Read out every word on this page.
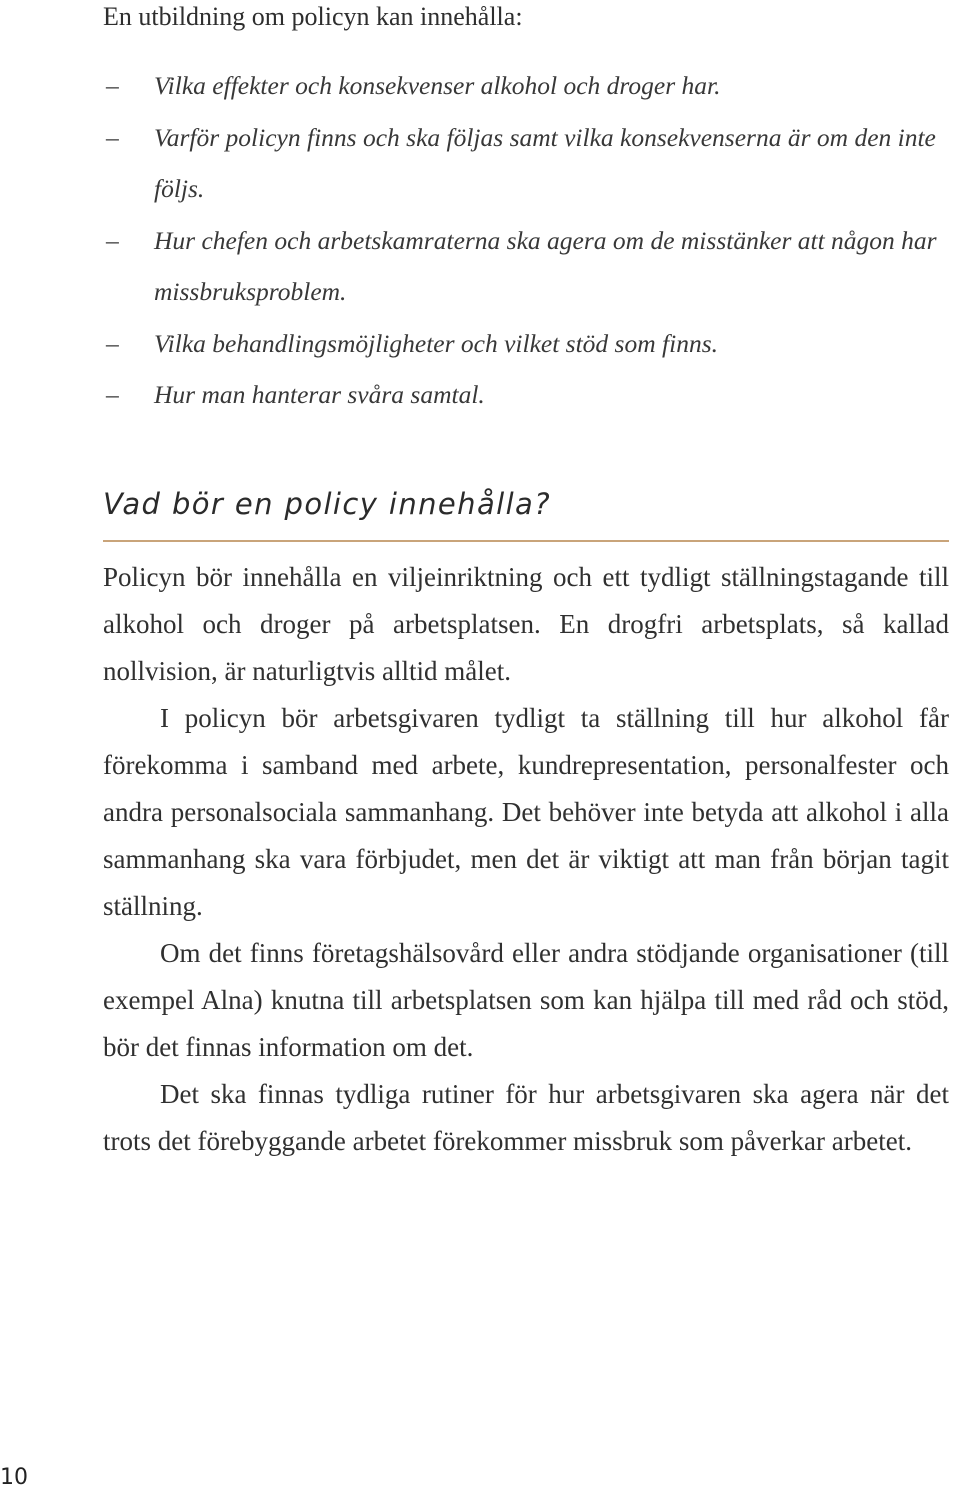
En utbildning om policyn kan innehålla:

– Vilka effekter och konsekvenser alkohol och droger har.
– Varför policyn finns och ska följas samt vilka konsekvenserna är om den inte följs.
– Hur chefen och arbetskamraterna ska agera om de misstänker att någon har missbruksproblem.
– Vilka behandlingsmöjligheter och vilket stöd som finns.
– Hur man hanterar svåra samtal.
Vad bör en policy innehålla?

Policyn bör innehålla en viljeinriktning och ett tydligt ställningstagande till alkohol och droger på arbetsplatsen. En drogfri arbetsplats, så kallad nollvision, är naturligtvis alltid målet.

I policyn bör arbetsgivaren tydligt ta ställning till hur alkohol får förekomma i samband med arbete, kundrepresentation, personalfester och andra personalsociala sammanhang. Det behöver inte betyda att alkohol i alla sammanhang ska vara förbjudet, men det är viktigt att man från början tagit ställning.

Om det finns företagshälsovård eller andra stödjande organisationer (till exempel Alna) knutna till arbetsplatsen som kan hjälpa till med råd och stöd, bör det finnas information om det.

Det ska finnas tydliga rutiner för hur arbetsgivaren ska agera när det trots det förebyggande arbetet förekommer missbruk som påverkar arbetet.

10
